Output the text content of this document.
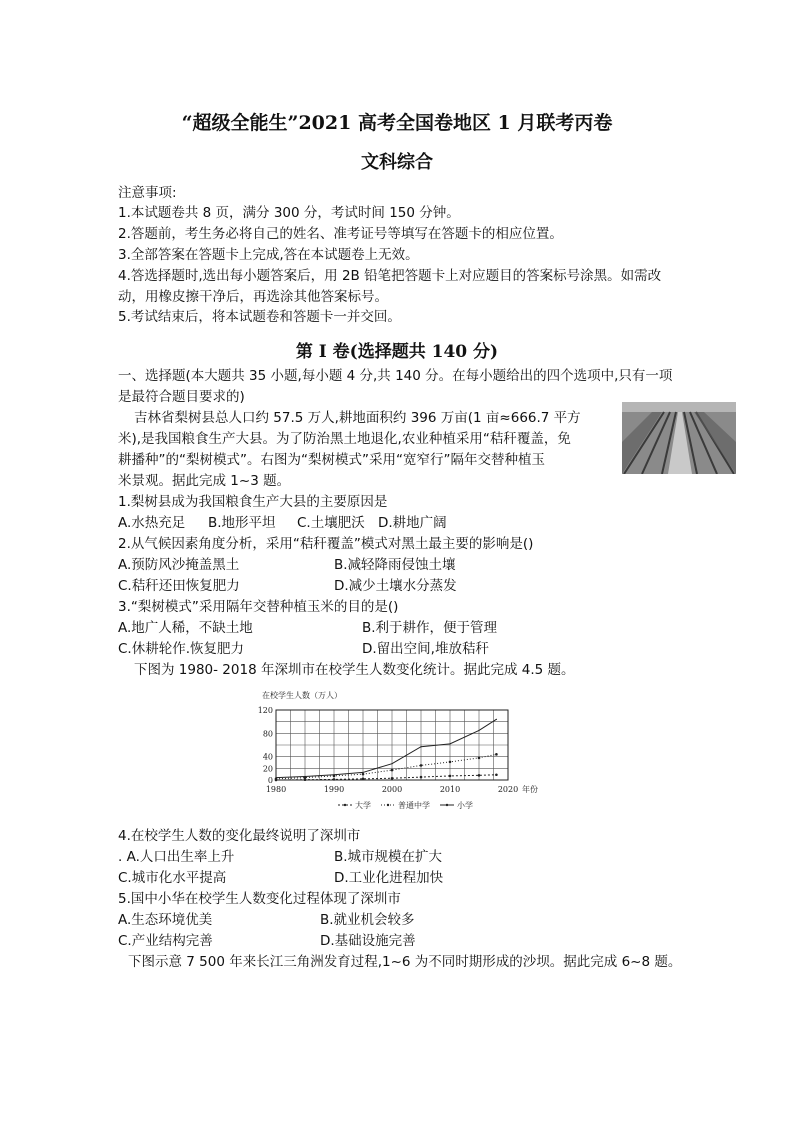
“超级全能生”2021 高考全国卷地区 1 月联考丙卷
文科综合
注意事项:
1.本试题卷共 8 页，满分 300 分，考试时间 150 分钟。
2.答题前，考生务必将自己的姓名、准考证号等填写在答题卡的相应位置。
3.全部答案在答题卡上完成,答在本试题卷上无效。
4.答选择题时,选出每小题答案后，用 2B 铅笔把答题卡上对应题目的答案标号涂黑。如需改
动，用橡皮擦干净后，再选涂其他答案标号。
5.考试结束后，将本试题卷和答题卡一并交回。
第 I 卷(选择题共 140 分)
一、选择题(本大题共 35 小题,每小题 4 分,共 140 分。在每小题给出的四个选项中,只有一项
是最符合题目要求的)
吉林省梨树县总人口约 57.5 万人,耕地面积约 396 万亩(1 亩≈666.7 平方
米),是我国粮食生产大县。为了防治黑土地退化,农业种植采用“秸秆覆盖，免
耕播种”的“梨树模式”。右图为“梨树模式”采用“宽窄行”隔年交替种植玉
米景观。据此完成 1~3 题。
1.梨树县成为我国粮食生产大县的主要原因是
A.水热充足 B.地形平坦 C.土壤肥沃 D.耕地广阔
2.从气候因素角度分析，采用“秸秆覆盖”模式对黑土最主要的影响是()
A.预防风沙掩盖黑土	B.减轻降雨侵蚀土壤
C.秸秆还田恢复肥力	D.减少土壤水分蒸发
3.“梨树模式”采用隔年交替种植玉米的目的是()
A.地广人稀，不缺土地	B.利于耕作，便于管理
C.休耕轮作.恢复肥力	D.留出空间,堆放秸秆
下图为 1980- 2018 年深圳市在校学生人数变化统计。据此完成 4.5 题。
在校学生人数（万人）
0
20
40
80
120
1980	1990	2000	2010	2020 年份
大学	普通中学	小学
4.在校学生人数的变化最终说明了深圳市
. A.人口出生率上升	B.城市规模在扩大
C.城市化水平提高	D.工业化进程加快
5.国中小华在校学生人数变化过程体现了深圳市
A.生态环境优美	B.就业机会较多
C.产业结构完善	D.基础设施完善
下图示意 7 500 年来长江三角洲发育过程,1~6 为不同时期形成的沙坝。据此完成 6~8 题。
